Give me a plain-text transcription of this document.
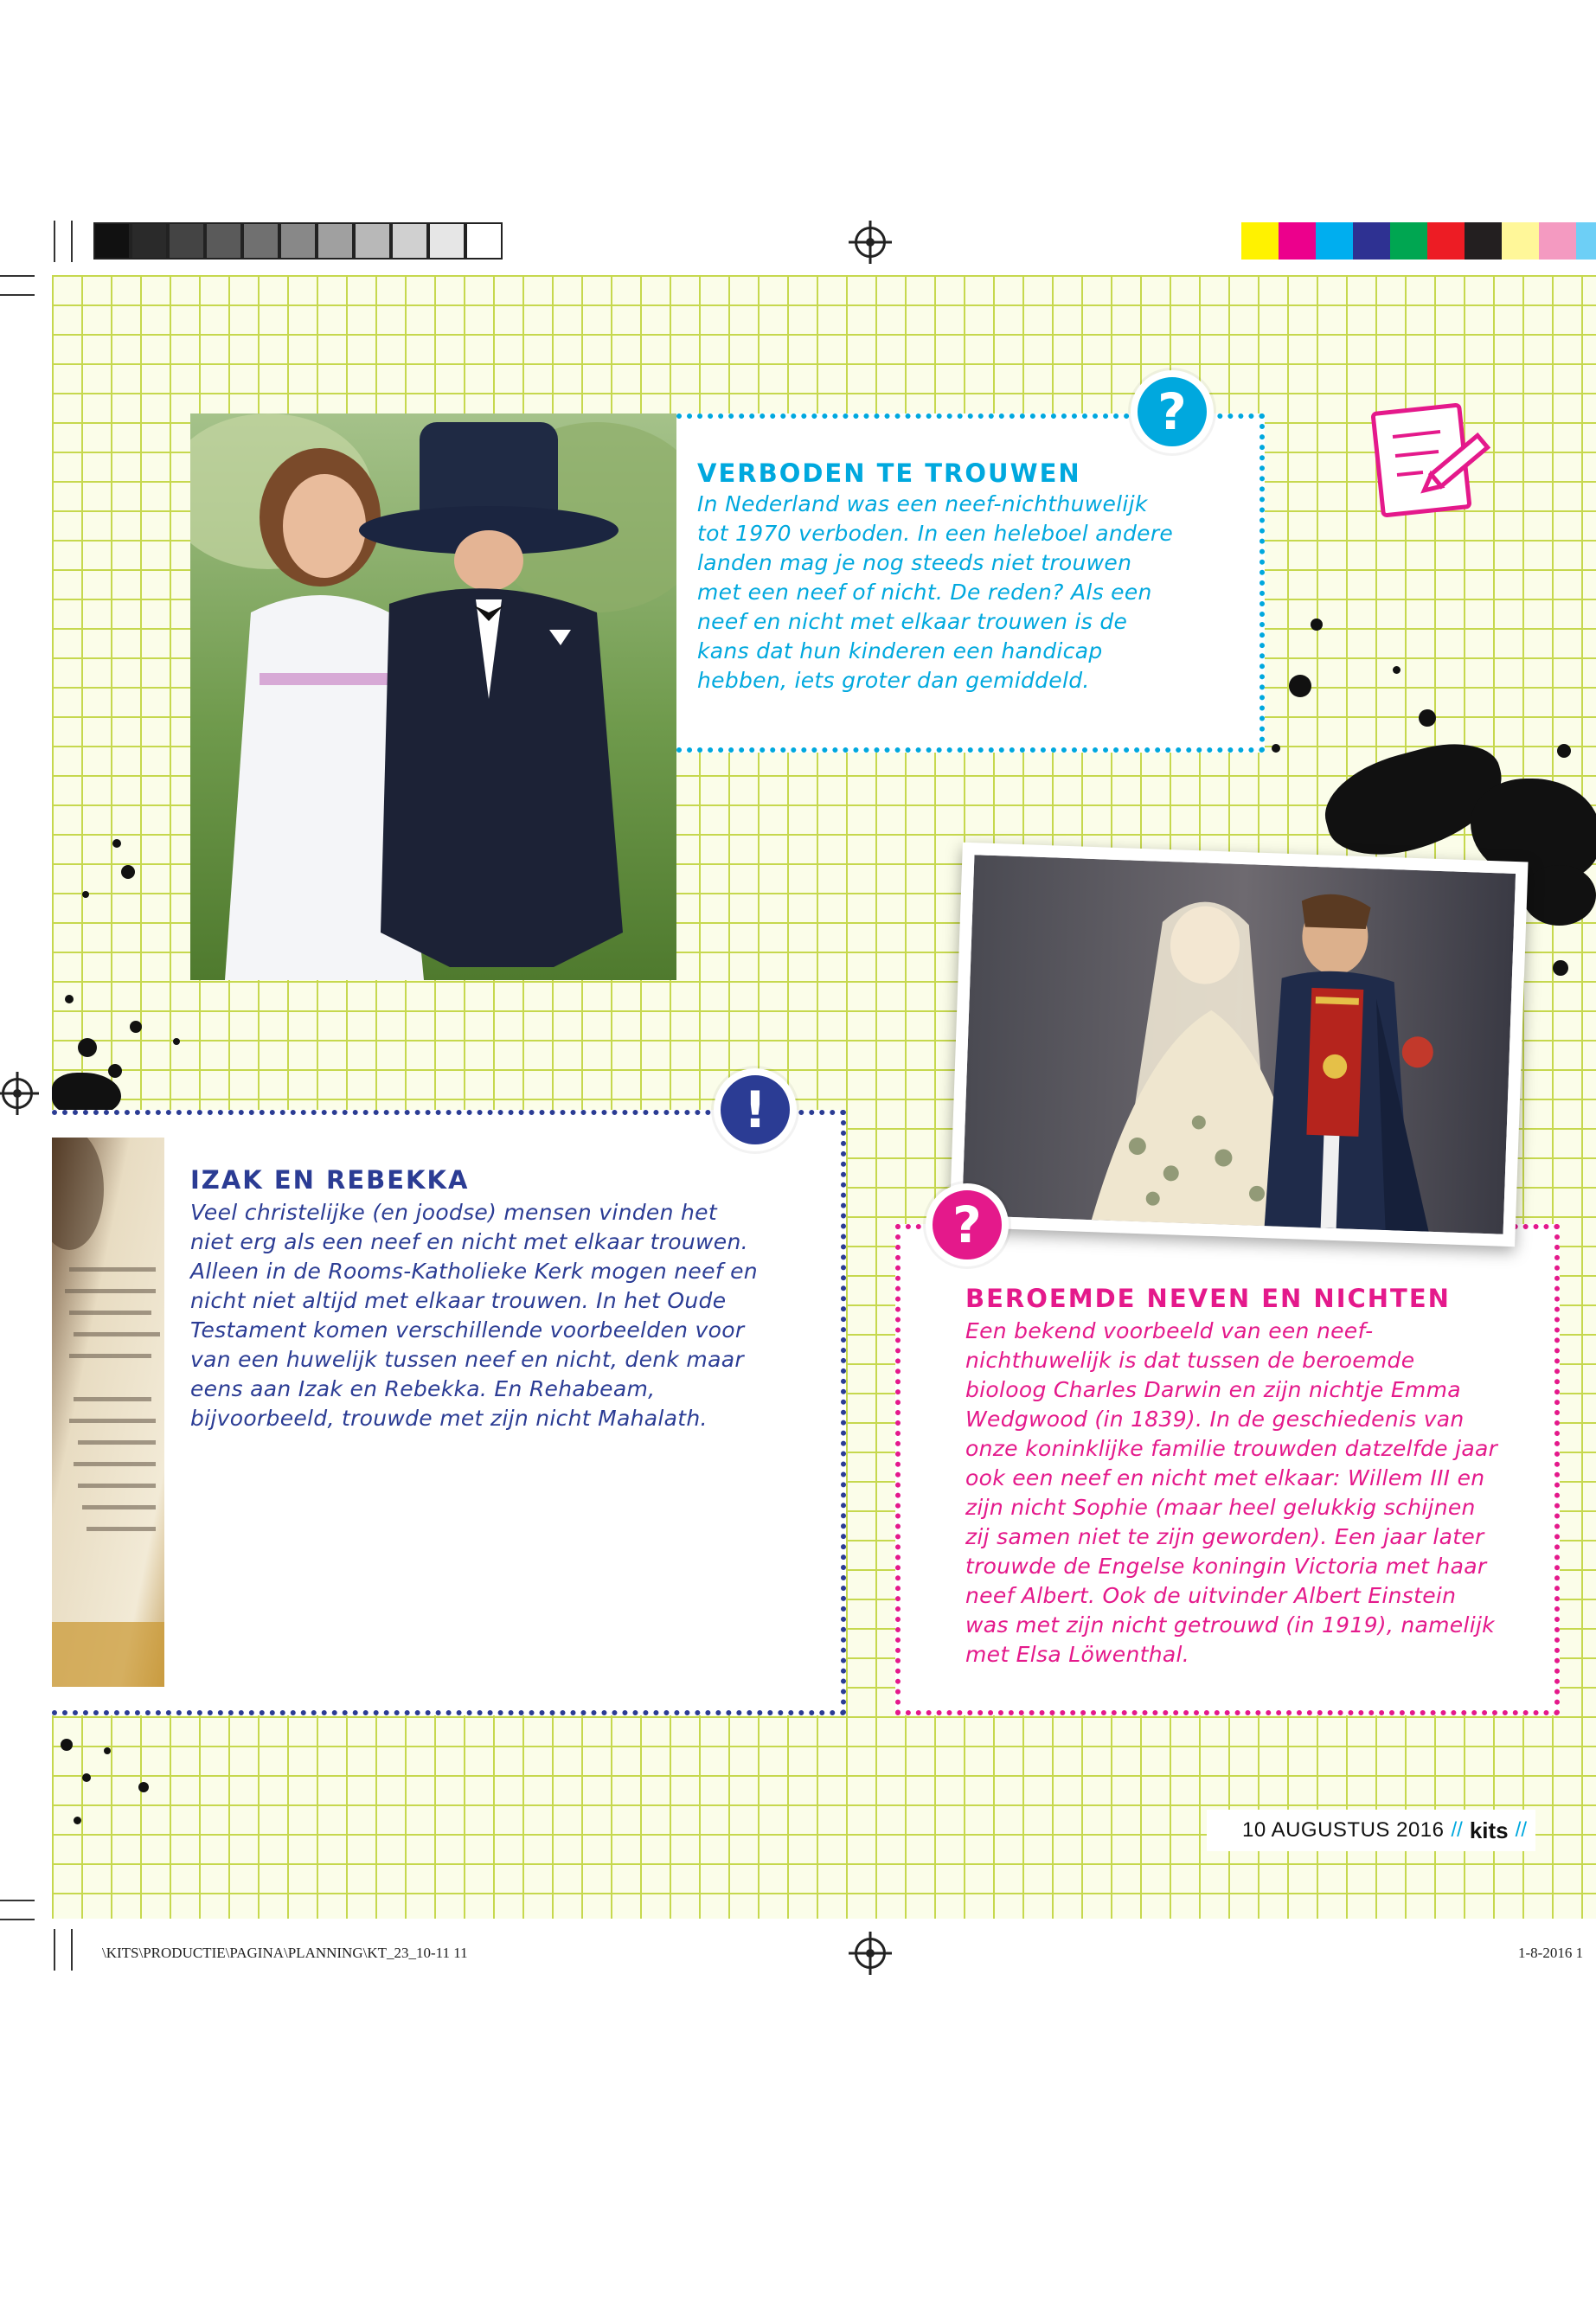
?
VERBODEN TE TROUWEN
In Nederland was een neef-nichthuwelijk tot 1970 verboden. In een heleboel andere landen mag je nog steeds niet trouwen met een neef of nicht. De reden? Als een neef en nicht met elkaar trouwen is de kans dat hun kinderen een handicap hebben, iets groter dan gemiddeld.
!
IZAK EN REBEKKA
Veel christelijke (en joodse) mensen vinden het niet erg als een neef en nicht met elkaar trouwen. Alleen in de Rooms-Katholieke Kerk mogen neef en nicht niet altijd met elkaar trouwen. In het Oude Testament komen verschillende voorbeelden voor van een huwelijk tussen neef en nicht, denk maar eens aan Izak en Rebekka. En Rehabeam, bijvoorbeeld, trouwde met zijn nicht Mahalath.
?
BEROEMDE NEVEN EN NICHTEN
Een bekend voorbeeld van een neef-nichthuwelijk is dat tussen de beroemde bioloog Charles Darwin en zijn nichtje Emma Wedgwood (in 1839). In de geschiedenis van onze koninklijke familie trouwden datzelfde jaar ook een neef en nicht met elkaar: Willem III en zijn nicht Sophie (maar heel gelukkig schijnen zij samen niet te zijn geworden). Een jaar later trouwde de Engelse koningin Victoria met haar neef Albert. Ook de uitvinder Albert Einstein was met zijn nicht getrouwd (in 1919), namelijk met Elsa Löwenthal.
10 AUGUSTUS 2016 // kits //
\KITS\PRODUCTIE\PAGINA\PLANNING\KT_23_10-11 11	1-8-2016 1
